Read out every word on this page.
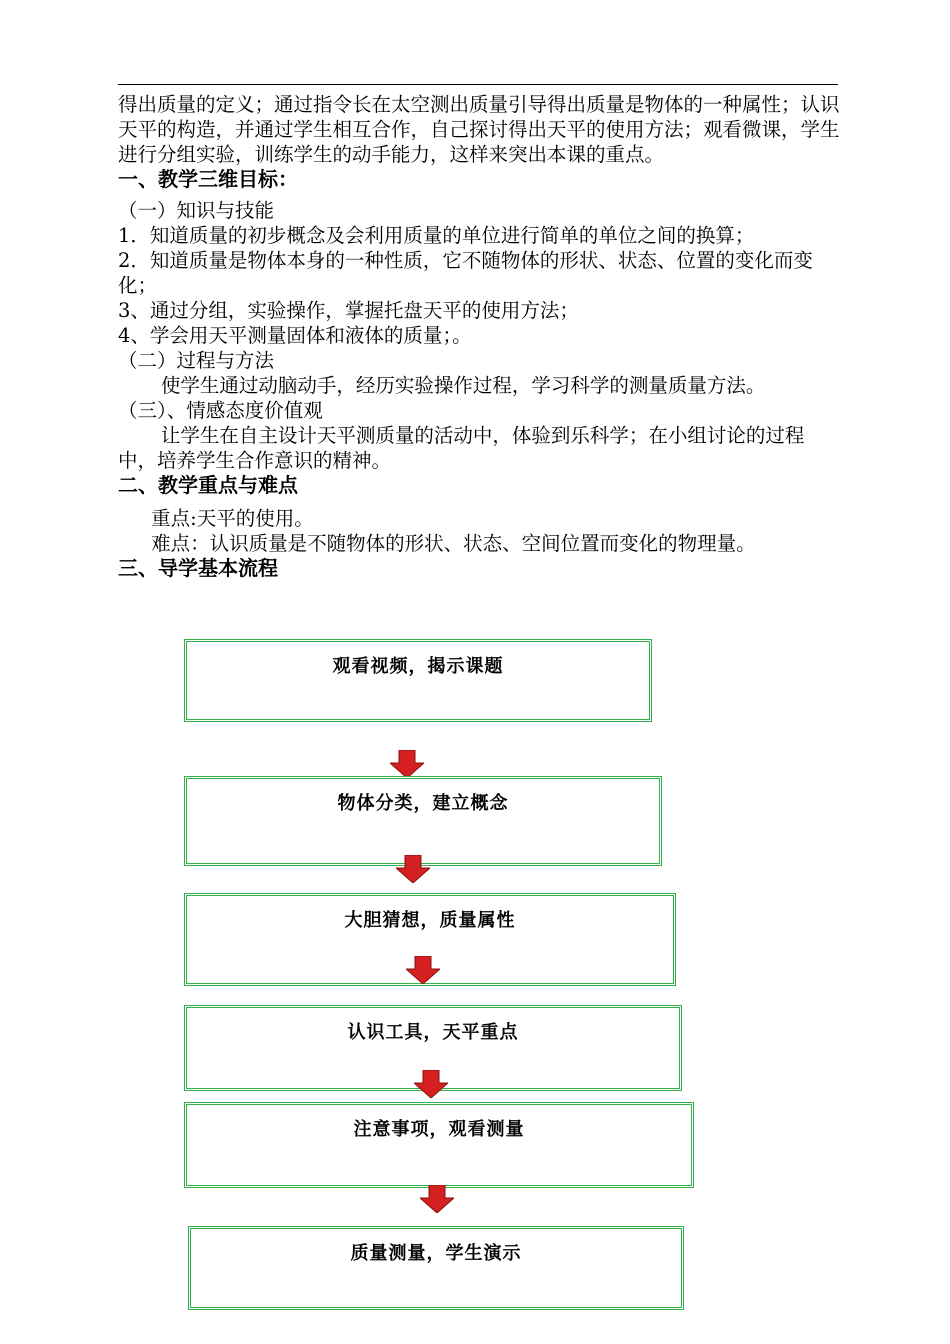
得出质量的定义；通过指令长在太空测出质量引导得出质量是物体的一种属性；认识天平的构造，并通过学生相互合作，自己探讨得出天平的使用方法；观看微课，学生进行分组实验，训练学生的动手能力，这样来突出本课的重点。

一、教学三维目标：

（一）知识与技能

1．知道质量的初步概念及会利用质量的单位进行简单的单位之间的换算；

2．知道质量是物体本身的一种性质，它不随物体的形状、状态、位置的变化而变化；

3、通过分组，实验操作，掌握托盘天平的使用方法；

4、学会用天平测量固体和液体的质量；。

（二）过程与方法

使学生通过动脑动手，经历实验操作过程，学习科学的测量质量方法。

（三）、情感态度价值观

让学生在自主设计天平测质量的活动中，体验到乐科学；在小组讨论的过程中，培养学生合作意识的精神。

二、教学重点与难点

重点:天平的使用。

难点：认识质量是不随物体的形状、状态、空间位置而变化的物理量。

三、导学基本流程

观看视频，揭示课题
物体分类，建立概念
大胆猜想，质量属性
认识工具，天平重点
注意事项，观看测量
质量测量，学生演示
